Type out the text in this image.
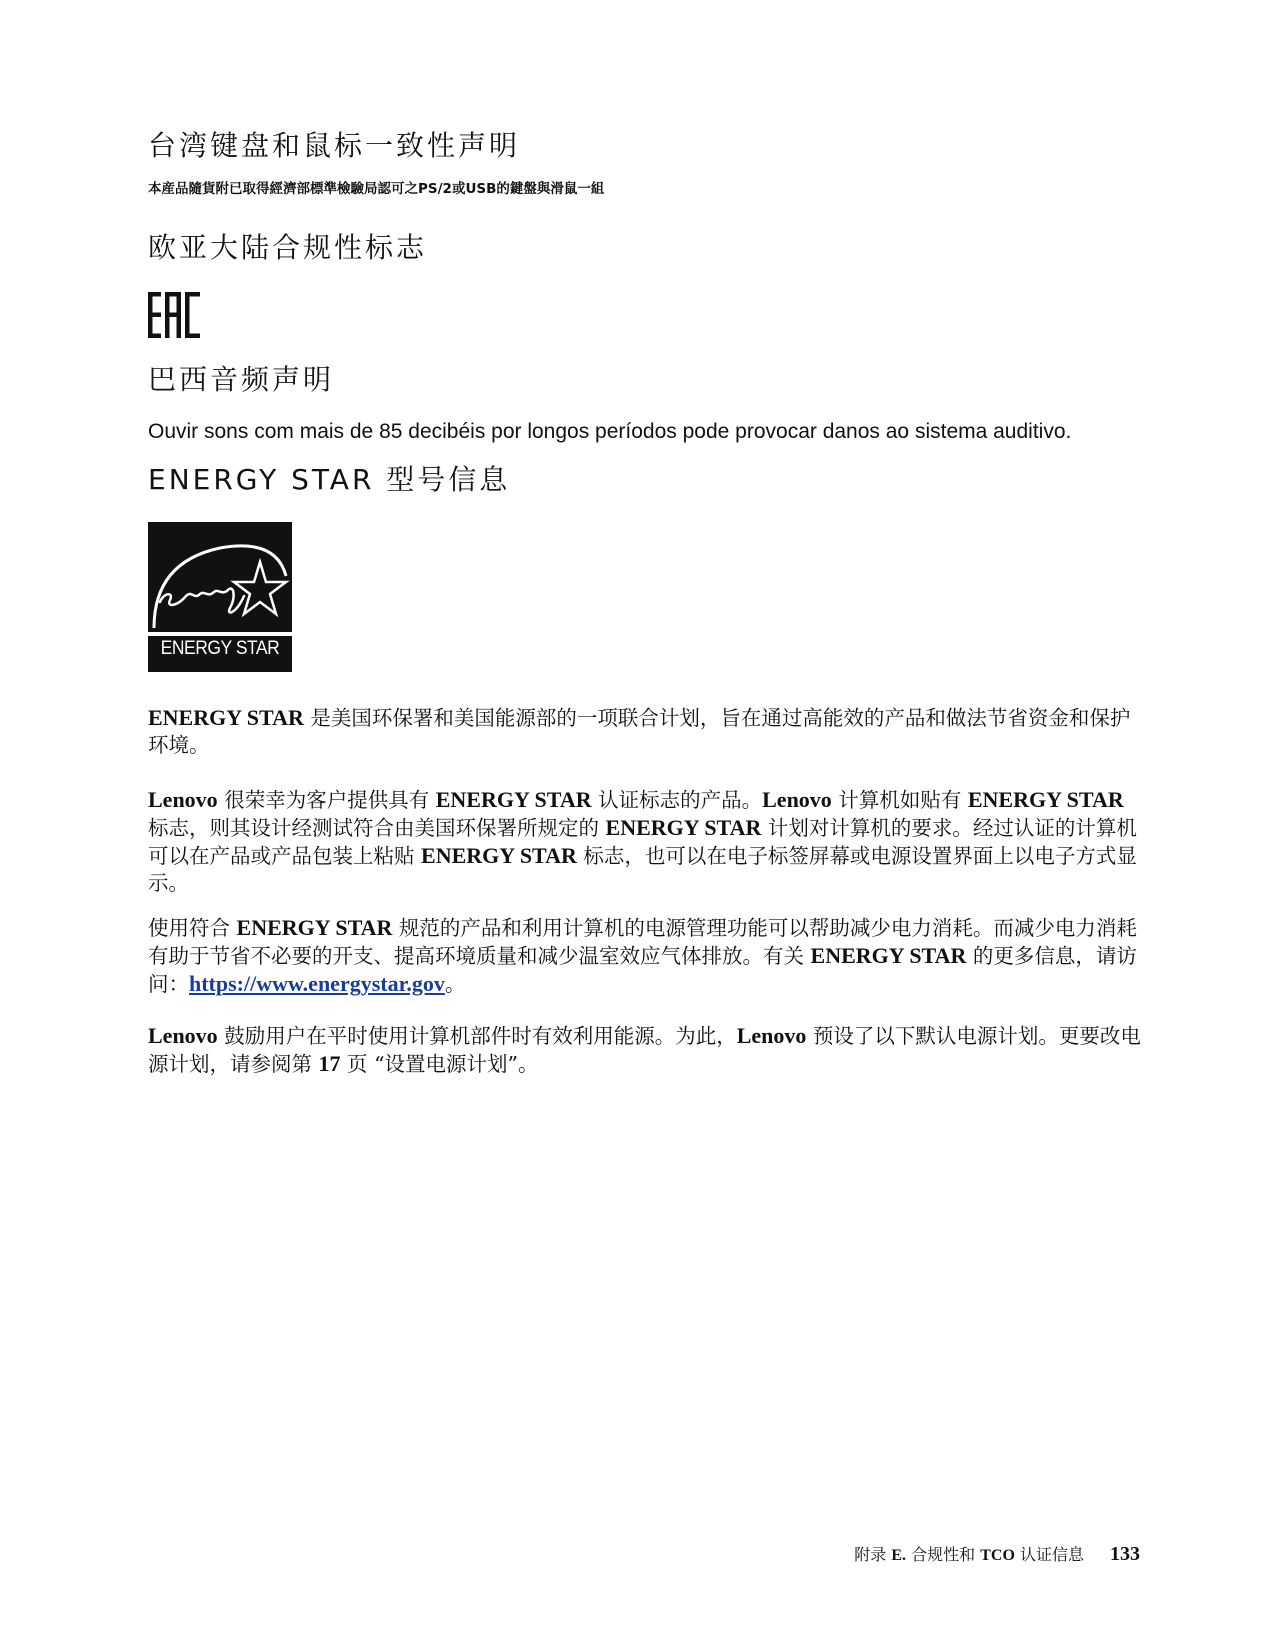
台湾键盘和鼠标一致性声明

本産品隨貨附已取得經濟部標準檢驗局認可之PS/2或USB的鍵盤與滑鼠一組

欧亚大陆合规性标志
巴西音频声明

Ouvir sons com mais de 85 decibéis por longos períodos pode provocar danos ao sistema auditivo.

ENERGY STAR 型号信息
ENERGY STAR

ENERGY STAR 是美国环保署和美国能源部的一项联合计划，旨在通过高能效的产品和做法节省资金和保护环境。

Lenovo 很荣幸为客户提供具有 ENERGY STAR 认证标志的产品。Lenovo 计算机如贴有 ENERGY STAR 标志，则其设计经测试符合由美国环保署所规定的 ENERGY STAR 计划对计算机的要求。经过认证的计算机可以在产品或产品包装上粘贴 ENERGY STAR 标志，也可以在电子标签屏幕或电源设置界面上以电子方式显示。

使用符合 ENERGY STAR 规范的产品和利用计算机的电源管理功能可以帮助减少电力消耗。而减少电力消耗有助于节省不必要的开支、提高环境质量和减少温室效应气体排放。有关 ENERGY STAR 的更多信息，请访问：https://www.energystar.gov。

Lenovo 鼓励用户在平时使用计算机部件时有效利用能源。为此，Lenovo 预设了以下默认电源计划。更要改电源计划，请参阅第 17 页 “设置电源计划”。

附录 E. 合规性和 TCO 认证信息 133
